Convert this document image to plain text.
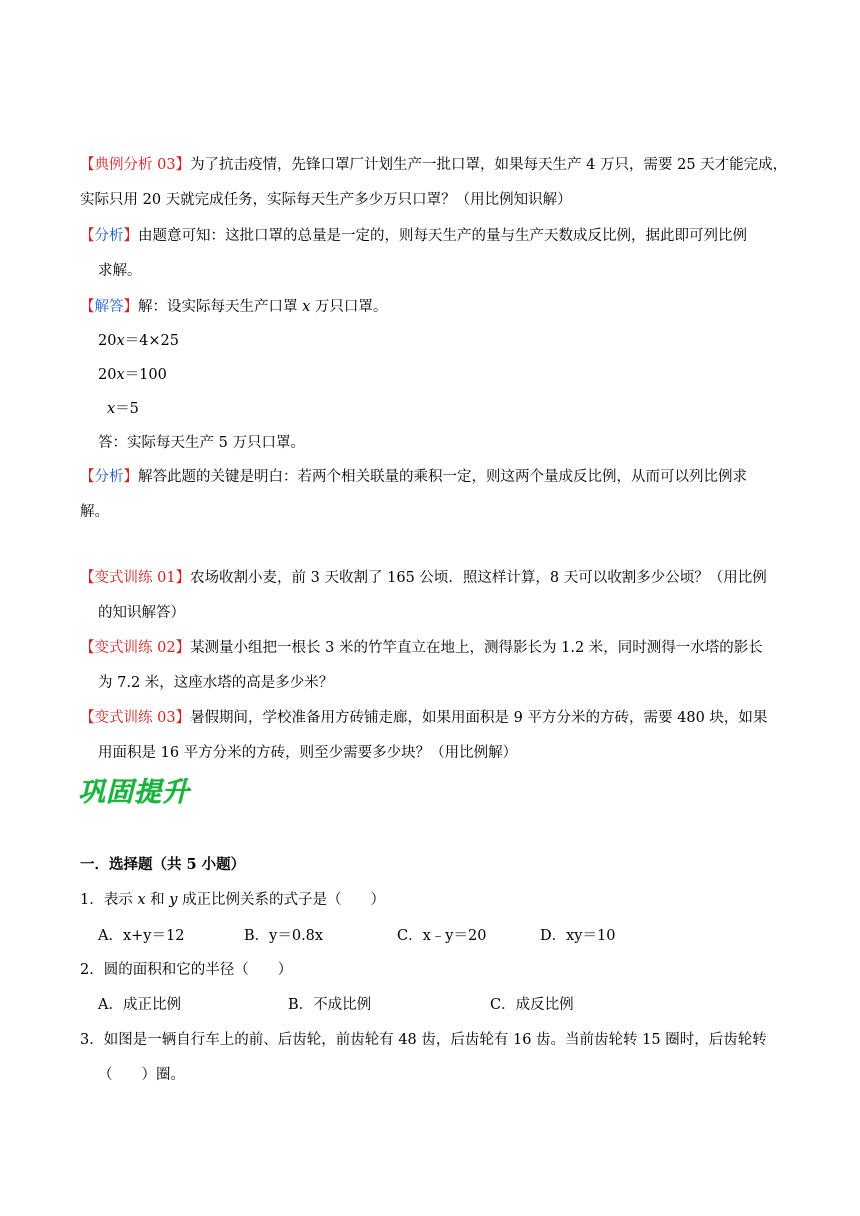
【典例分析 03】为了抗击疫情，先锋口罩厂计划生产一批口罩，如果每天生产 4 万只，需要 25 天才能完成，
实际只用 20 天就完成任务，实际每天生产多少万只口罩？（用比例知识解）
【分析】由题意可知：这批口罩的总量是一定的，则每天生产的量与生产天数成反比例，据此即可列比例
求解。
【解答】解：设实际每天生产口罩 x 万只口罩。
20x＝4×25
20x＝100
x＝5
答：实际每天生产 5 万只口罩。
【分析】解答此题的关键是明白：若两个相关联量的乘积一定，则这两个量成反比例，从而可以列比例求
解。
【变式训练 01】农场收割小麦，前 3 天收割了 165 公顷．照这样计算，8 天可以收割多少公顷？（用比例
的知识解答）
【变式训练 02】某测量小组把一根长 3 米的竹竿直立在地上，测得影长为 1.2 米，同时测得一水塔的影长
为 7.2 米，这座水塔的高是多少米？
【变式训练 03】暑假期间，学校准备用方砖铺走廊，如果用面积是 9 平方分米的方砖，需要 480 块，如果
用面积是 16 平方分米的方砖，则至少需要多少块？（用比例解）
巩固提升
一．选择题（共 5 小题）
1．表示 x 和 y 成正比例关系的式子是（　　）
A．x+y＝12	B．y＝0.8x	C．x﹣y＝20	D．xy＝10
2．圆的面积和它的半径（　　）
A．成正比例	B．不成比例	C．成反比例
3．如图是一辆自行车上的前、后齿轮，前齿轮有 48 齿，后齿轮有 16 齿。当前齿轮转 15 圈时，后齿轮转
（　　）圈。
